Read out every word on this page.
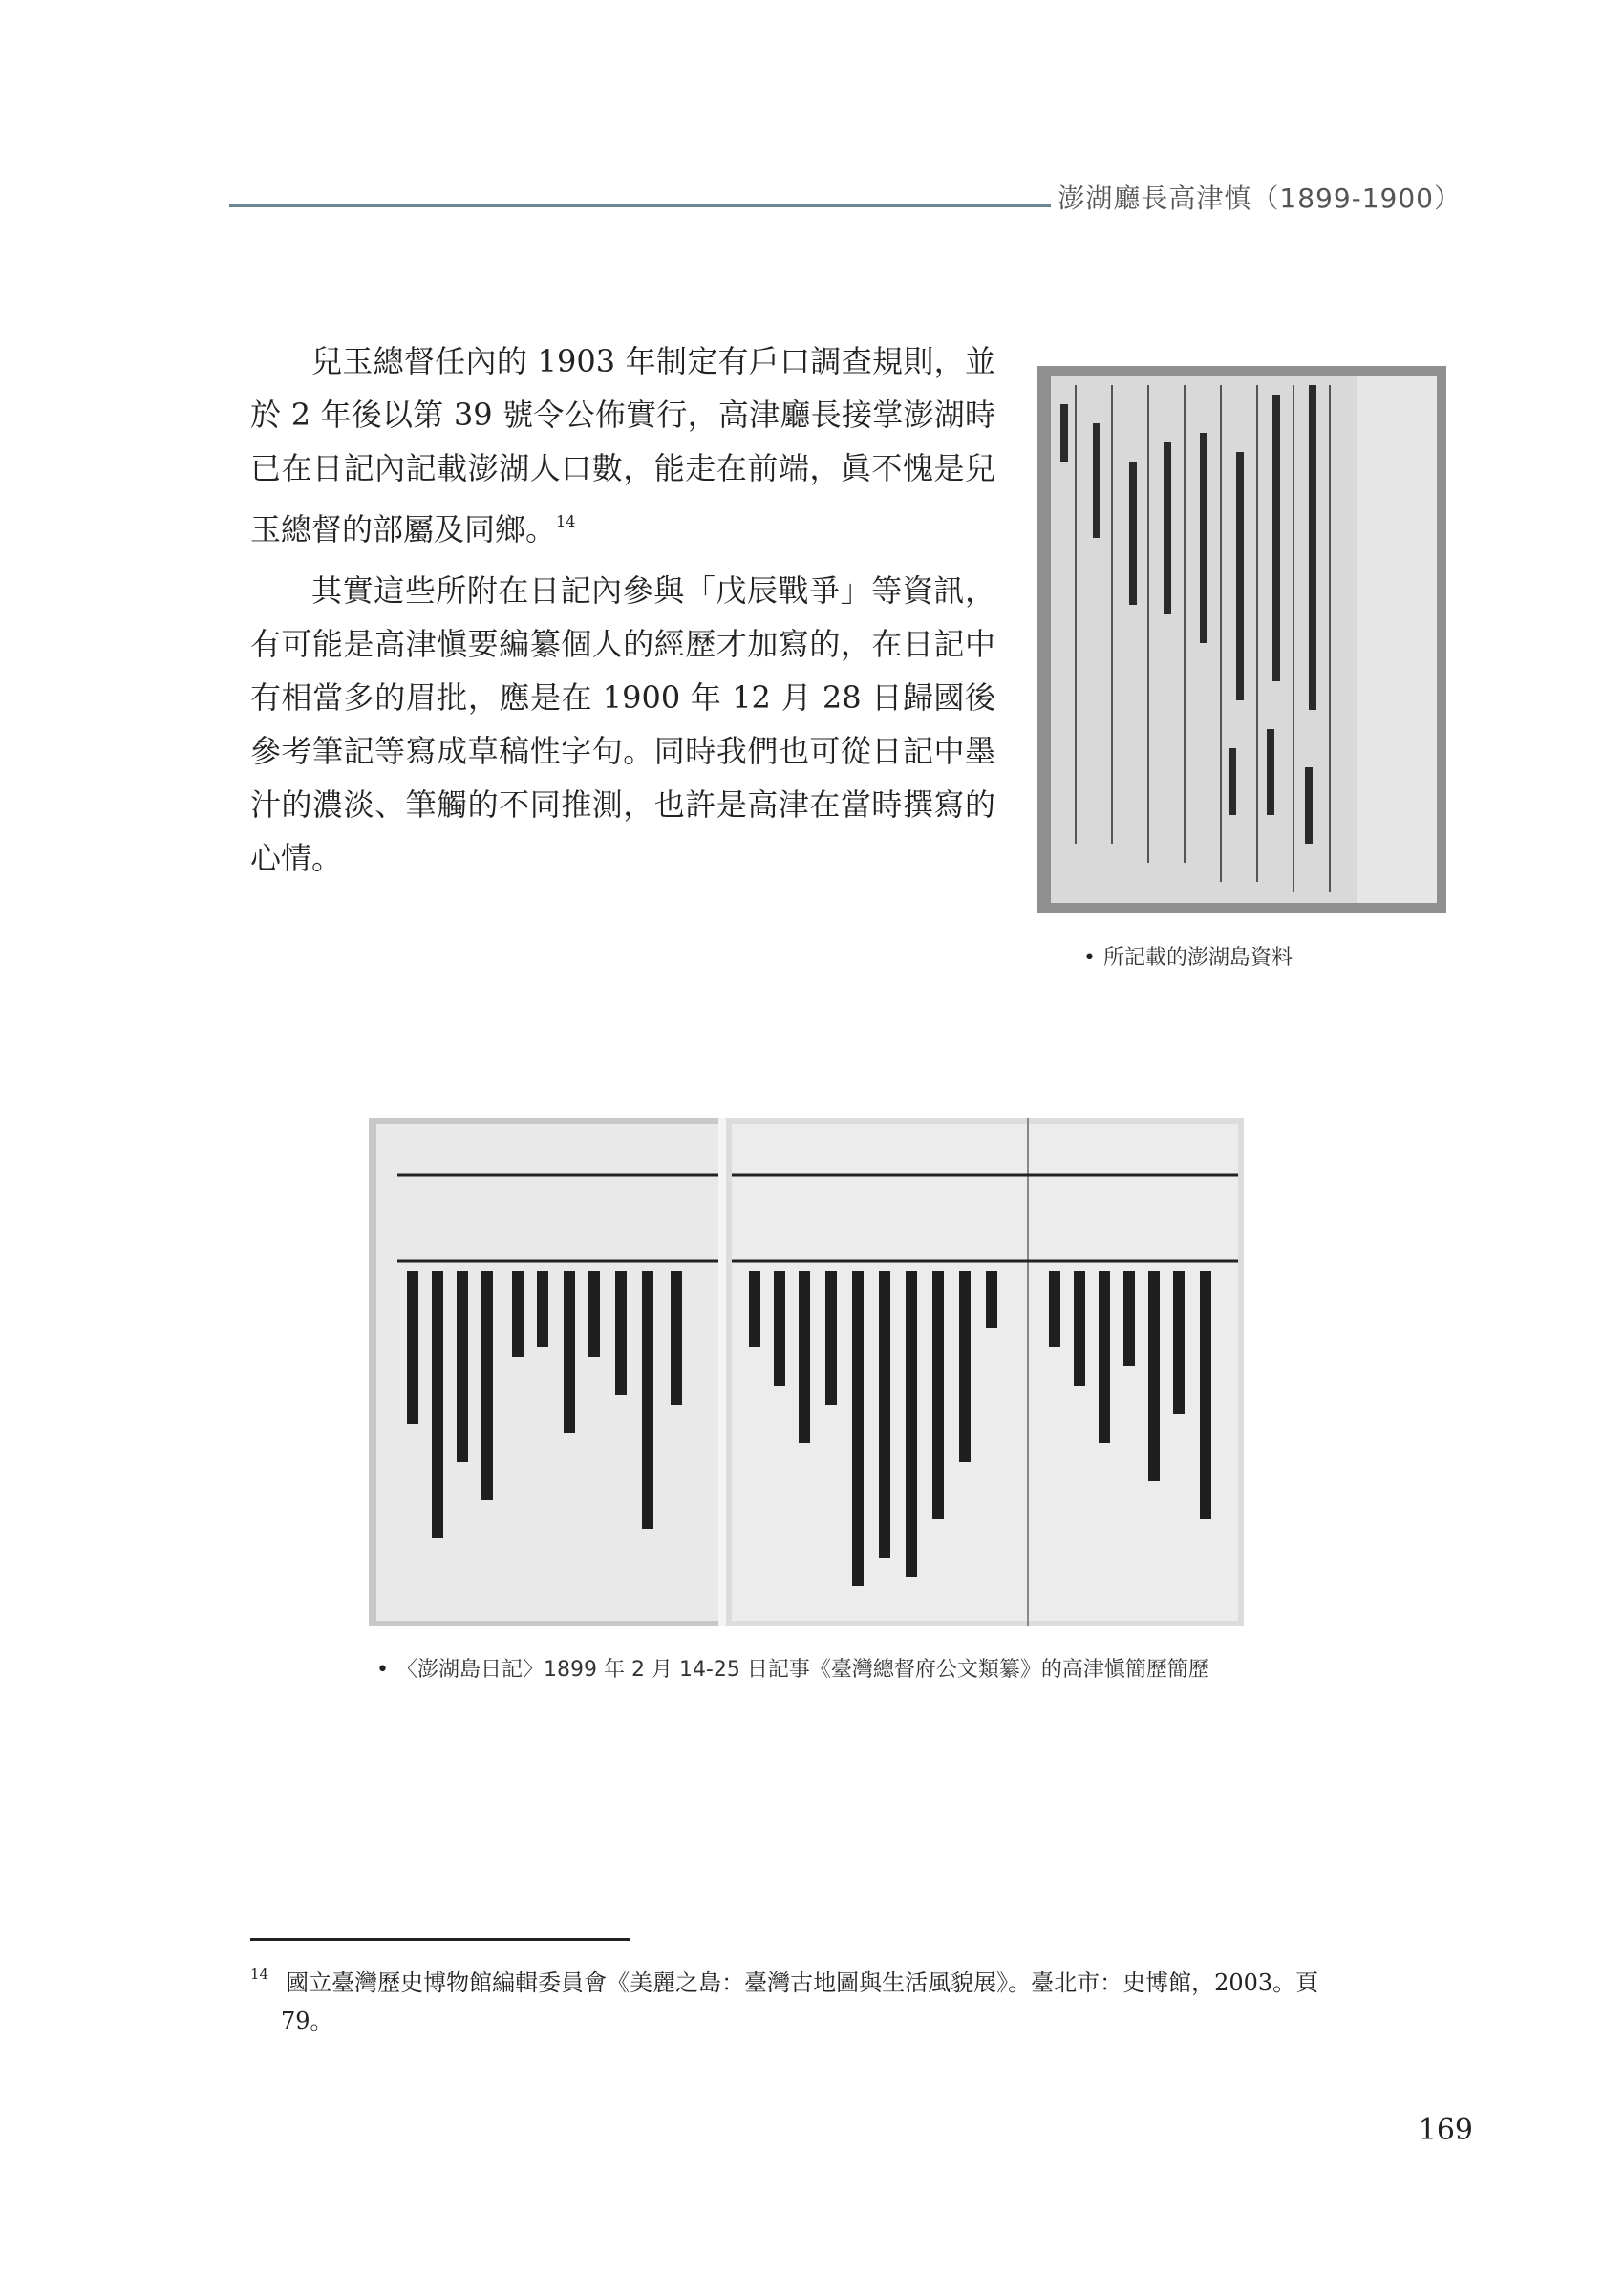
澎湖廳長高津慎（1899-1900）

兒玉總督任內的 1903 年制定有戶口調查規則，並於 2 年後以第 39 號令公佈實行，高津廳長接掌澎湖時已在日記內記載澎湖人口數，能走在前端，眞不愧是兒玉總督的部屬及同鄉。$^{14}$

其實這些所附在日記內參與「戊辰戰爭」等資訊，有可能是高津愼要編纂個人的經歷才加寫的，在日記中有相當多的眉批，應是在 1900 年 12 月 28 日歸國後參考筆記等寫成草稿性字句。同時我們也可從日記中墨汁的濃淡、筆觸的不同推測，也許是高津在當時撰寫的心情。

• 所記載的澎湖島資料
• 〈澎湖島日記〉1899 年 2 月 14-25 日記事《臺灣總督府公文類纂》的高津愼簡歷簡歷
$^{14}$ 國立臺灣歷史博物館編輯委員會《美麗之島：臺灣古地圖與生活風貌展》。臺北市：史博館，2003。頁
79。
169
